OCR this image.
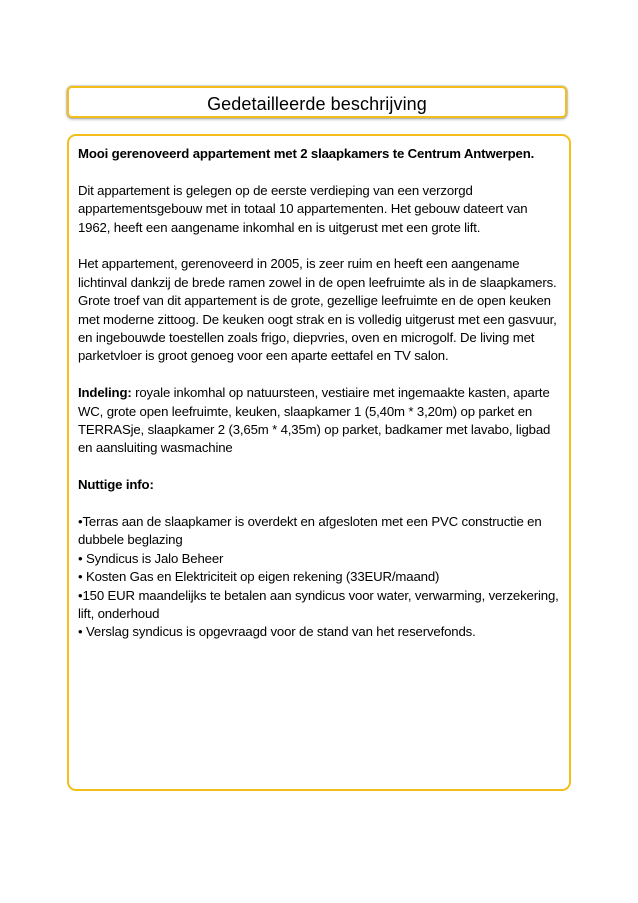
Gedetailleerde beschrijving

Mooi gerenoveerd appartement met 2 slaapkamers te Centrum Antwerpen.

Dit appartement is gelegen op de eerste verdieping van een verzorgd appartementsgebouw met in totaal 10 appartementen. Het gebouw dateert van 1962, heeft een aangename inkomhal en is uitgerust met een grote lift.

Het appartement, gerenoveerd in 2005, is zeer ruim en heeft een aangename lichtinval dankzij de brede ramen zowel in de open leefruimte als in de slaapkamers. Grote troef van dit appartement is de grote, gezellige leefruimte en de open keuken met moderne zittoog. De keuken oogt strak en is volledig uitgerust met een gasvuur, en ingebouwde toestellen zoals frigo, diepvries, oven en microgolf. De living met parketvloer is groot genoeg voor een aparte eettafel en TV salon.

Indeling: royale inkomhal op natuursteen, vestiaire met ingemaakte kasten, aparte WC, grote open leefruimte, keuken, slaapkamer 1 (5,40m * 3,20m) op parket en TERRASje, slaapkamer 2 (3,65m * 4,35m) op parket, badkamer met lavabo, ligbad en aansluiting wasmachine

Nuttige info:

•Terras aan de slaapkamer is overdekt en afgesloten met een PVC constructie en dubbele beglazing

• Syndicus is Jalo Beheer

• Kosten Gas en Elektriciteit op eigen rekening (33EUR/maand)

•150 EUR maandelijks te betalen aan syndicus voor water, verwarming, verzekering, lift, onderhoud

• Verslag syndicus is opgevraagd voor de stand van het reservefonds.
